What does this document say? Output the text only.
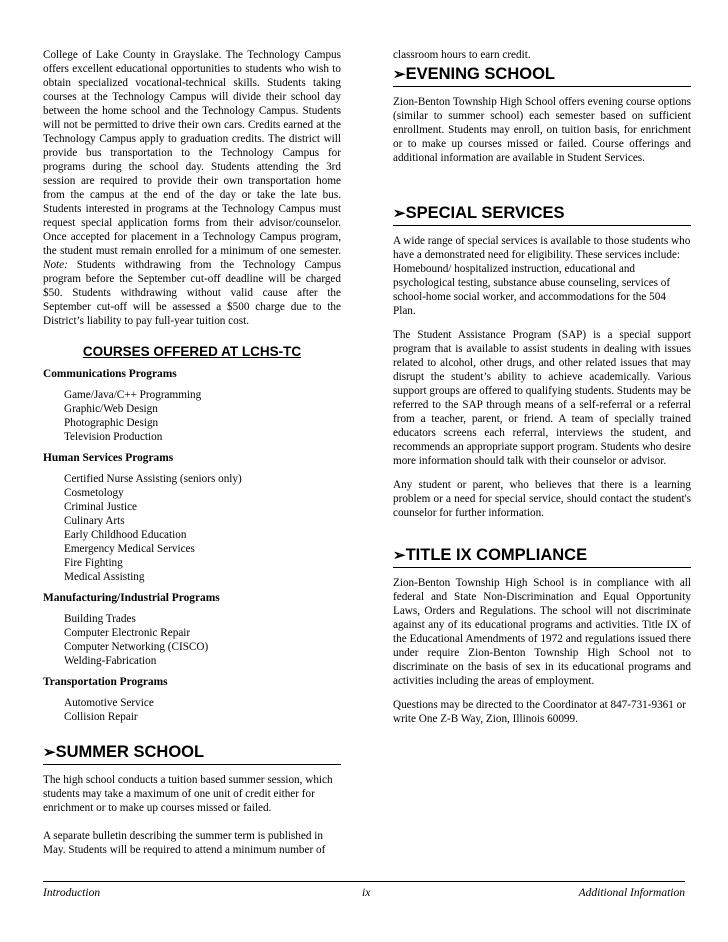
College of Lake County in Grayslake. The Technology Campus offers excellent educational opportunities to students who wish to obtain specialized vocational-technical skills. Students taking courses at the Technology Campus will divide their school day between the home school and the Technology Campus. Students will not be permitted to drive their own cars. Credits earned at the Technology Campus apply to graduation credits. The district will provide bus transportation to the Technology Campus for programs during the school day. Students attending the 3rd session are required to provide their own transportation home from the campus at the end of the day or take the late bus. Students interested in programs at the Technology Campus must request special application forms from their advisor/counselor. Once accepted for placement in a Technology Campus program, the student must remain enrolled for a minimum of one semester. Note: Students withdrawing from the Technology Campus program before the September cut-off deadline will be charged $50. Students withdrawing without valid cause after the September cut-off will be assessed a $500 charge due to the District’s liability to pay full-year tuition cost.

COURSES OFFERED AT LCHS-TC

Communications Programs

Game/Java/C++ Programming
Graphic/Web Design
Photographic Design
Television Production

Human Services Programs

Certified Nurse Assisting (seniors only)
Cosmetology
Criminal Justice
Culinary Arts
Early Childhood Education
Emergency Medical Services
Fire Fighting
Medical Assisting

Manufacturing/Industrial Programs

Building Trades
Computer Electronic Repair
Computer Networking (CISCO)
Welding-Fabrication

Transportation Programs

Automotive Service
Collision Repair
➢SUMMER SCHOOL

The high school conducts a tuition based summer session, which students may take a maximum of one unit of credit either for enrichment or to make up courses missed or failed.

A separate bulletin describing the summer term is published in May. Students will be required to attend a minimum number of

classroom hours to earn credit.

➢EVENING SCHOOL

Zion-Benton Township High School offers evening course options (similar to summer school) each semester based on sufficient enrollment. Students may enroll, on tuition basis, for enrichment or to make up courses missed or failed. Course offerings and additional information are available in Student Services.

➢SPECIAL SERVICES

A wide range of special services is available to those students who have a demonstrated need for eligibility. These services include: Homebound/ hospitalized instruction, educational and psychological testing, substance abuse counseling, services of school-home social worker, and accommodations for the 504 Plan.

The Student Assistance Program (SAP) is a special support program that is available to assist students in dealing with issues related to alcohol, other drugs, and other related issues that may disrupt the student’s ability to achieve academically. Various support groups are offered to qualifying students. Students may be referred to the SAP through means of a self-referral or a referral from a teacher, parent, or friend. A team of specially trained educators screens each referral, interviews the student, and recommends an appropriate support program. Students who desire more information should talk with their counselor or advisor.

Any student or parent, who believes that there is a learning problem or a need for special service, should contact the student's counselor for further information.

➢TITLE IX COMPLIANCE

Zion-Benton Township High School is in compliance with all federal and State Non-Discrimination and Equal Opportunity Laws, Orders and Regulations. The school will not discriminate against any of its educational programs and activities. Title IX of the Educational Amendments of 1972 and regulations issued there under require Zion-Benton Township High School not to discriminate on the basis of sex in its educational programs and activities including the areas of employment.

Questions may be directed to the Coordinator at 847-731-9361 or write One Z-B Way, Zion, Illinois 60099.

Introduction	ix	Additional Information
